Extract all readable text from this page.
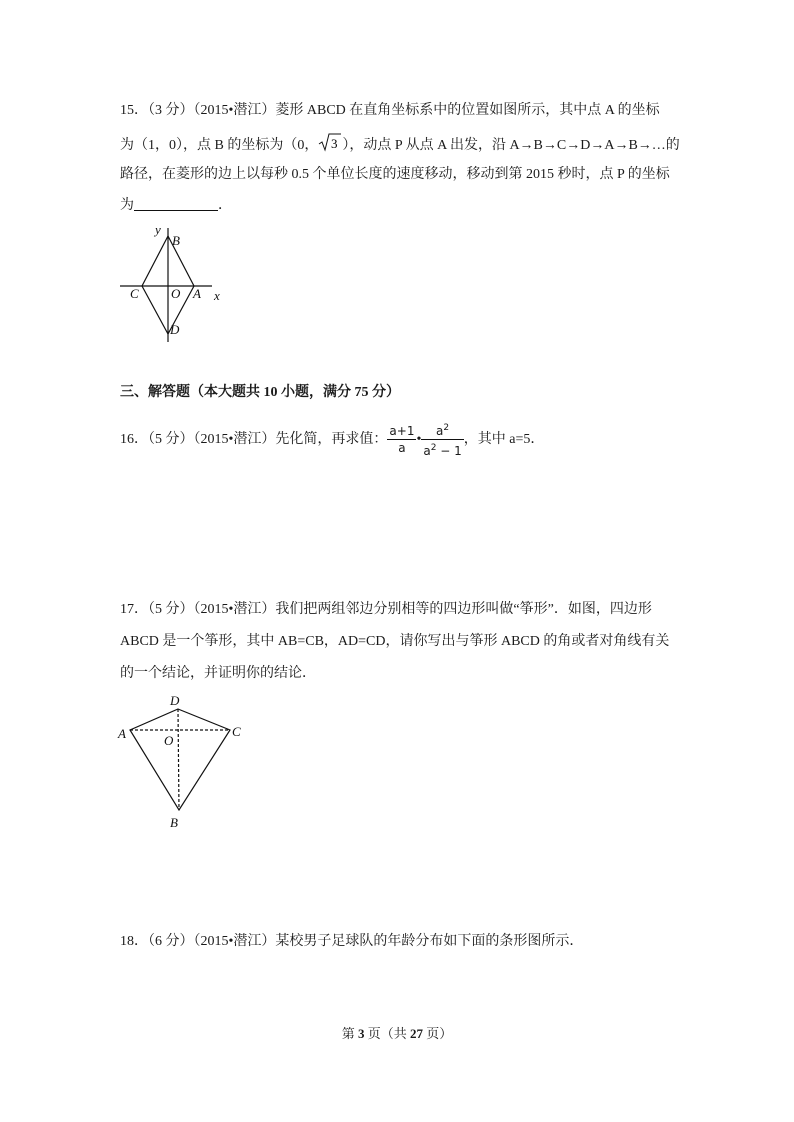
15．（3 分）（2015•潜江）菱形 ABCD 在直角坐标系中的位置如图所示，其中点 A 的坐标
为（1，0），点 B 的坐标为（0， 3 ），动点 P 从点 A 出发，沿 A→B→C→D→A→B→…的
路径，在菱形的边上以每秒 0.5 个单位长度的速度移动，移动到第 2015 秒时，点 P 的坐标
为	．
y
B
C O A x
D
三、解答题（本大题共 10 小题，满分 75 分）
16．（5 分）（2015•潜江）先化简，再求值： $\frac{a+1}{a}$ • $\frac{a^2}{a^2 - 1}$ ，其中 a=5．
17．（5 分）（2015•潜江）我们把两组邻边分别相等的四边形叫做“筝形”．如图，四边形
ABCD 是一个筝形，其中 AB=CB，AD=CD，请你写出与筝形 ABCD 的角或者对角线有关
的一个结论，并证明你的结论．
D
A	O
C
B
18．（6 分）（2015•潜江）某校男子足球队的年龄分布如下面的条形图所示．
第 3 页（共 27 页）
